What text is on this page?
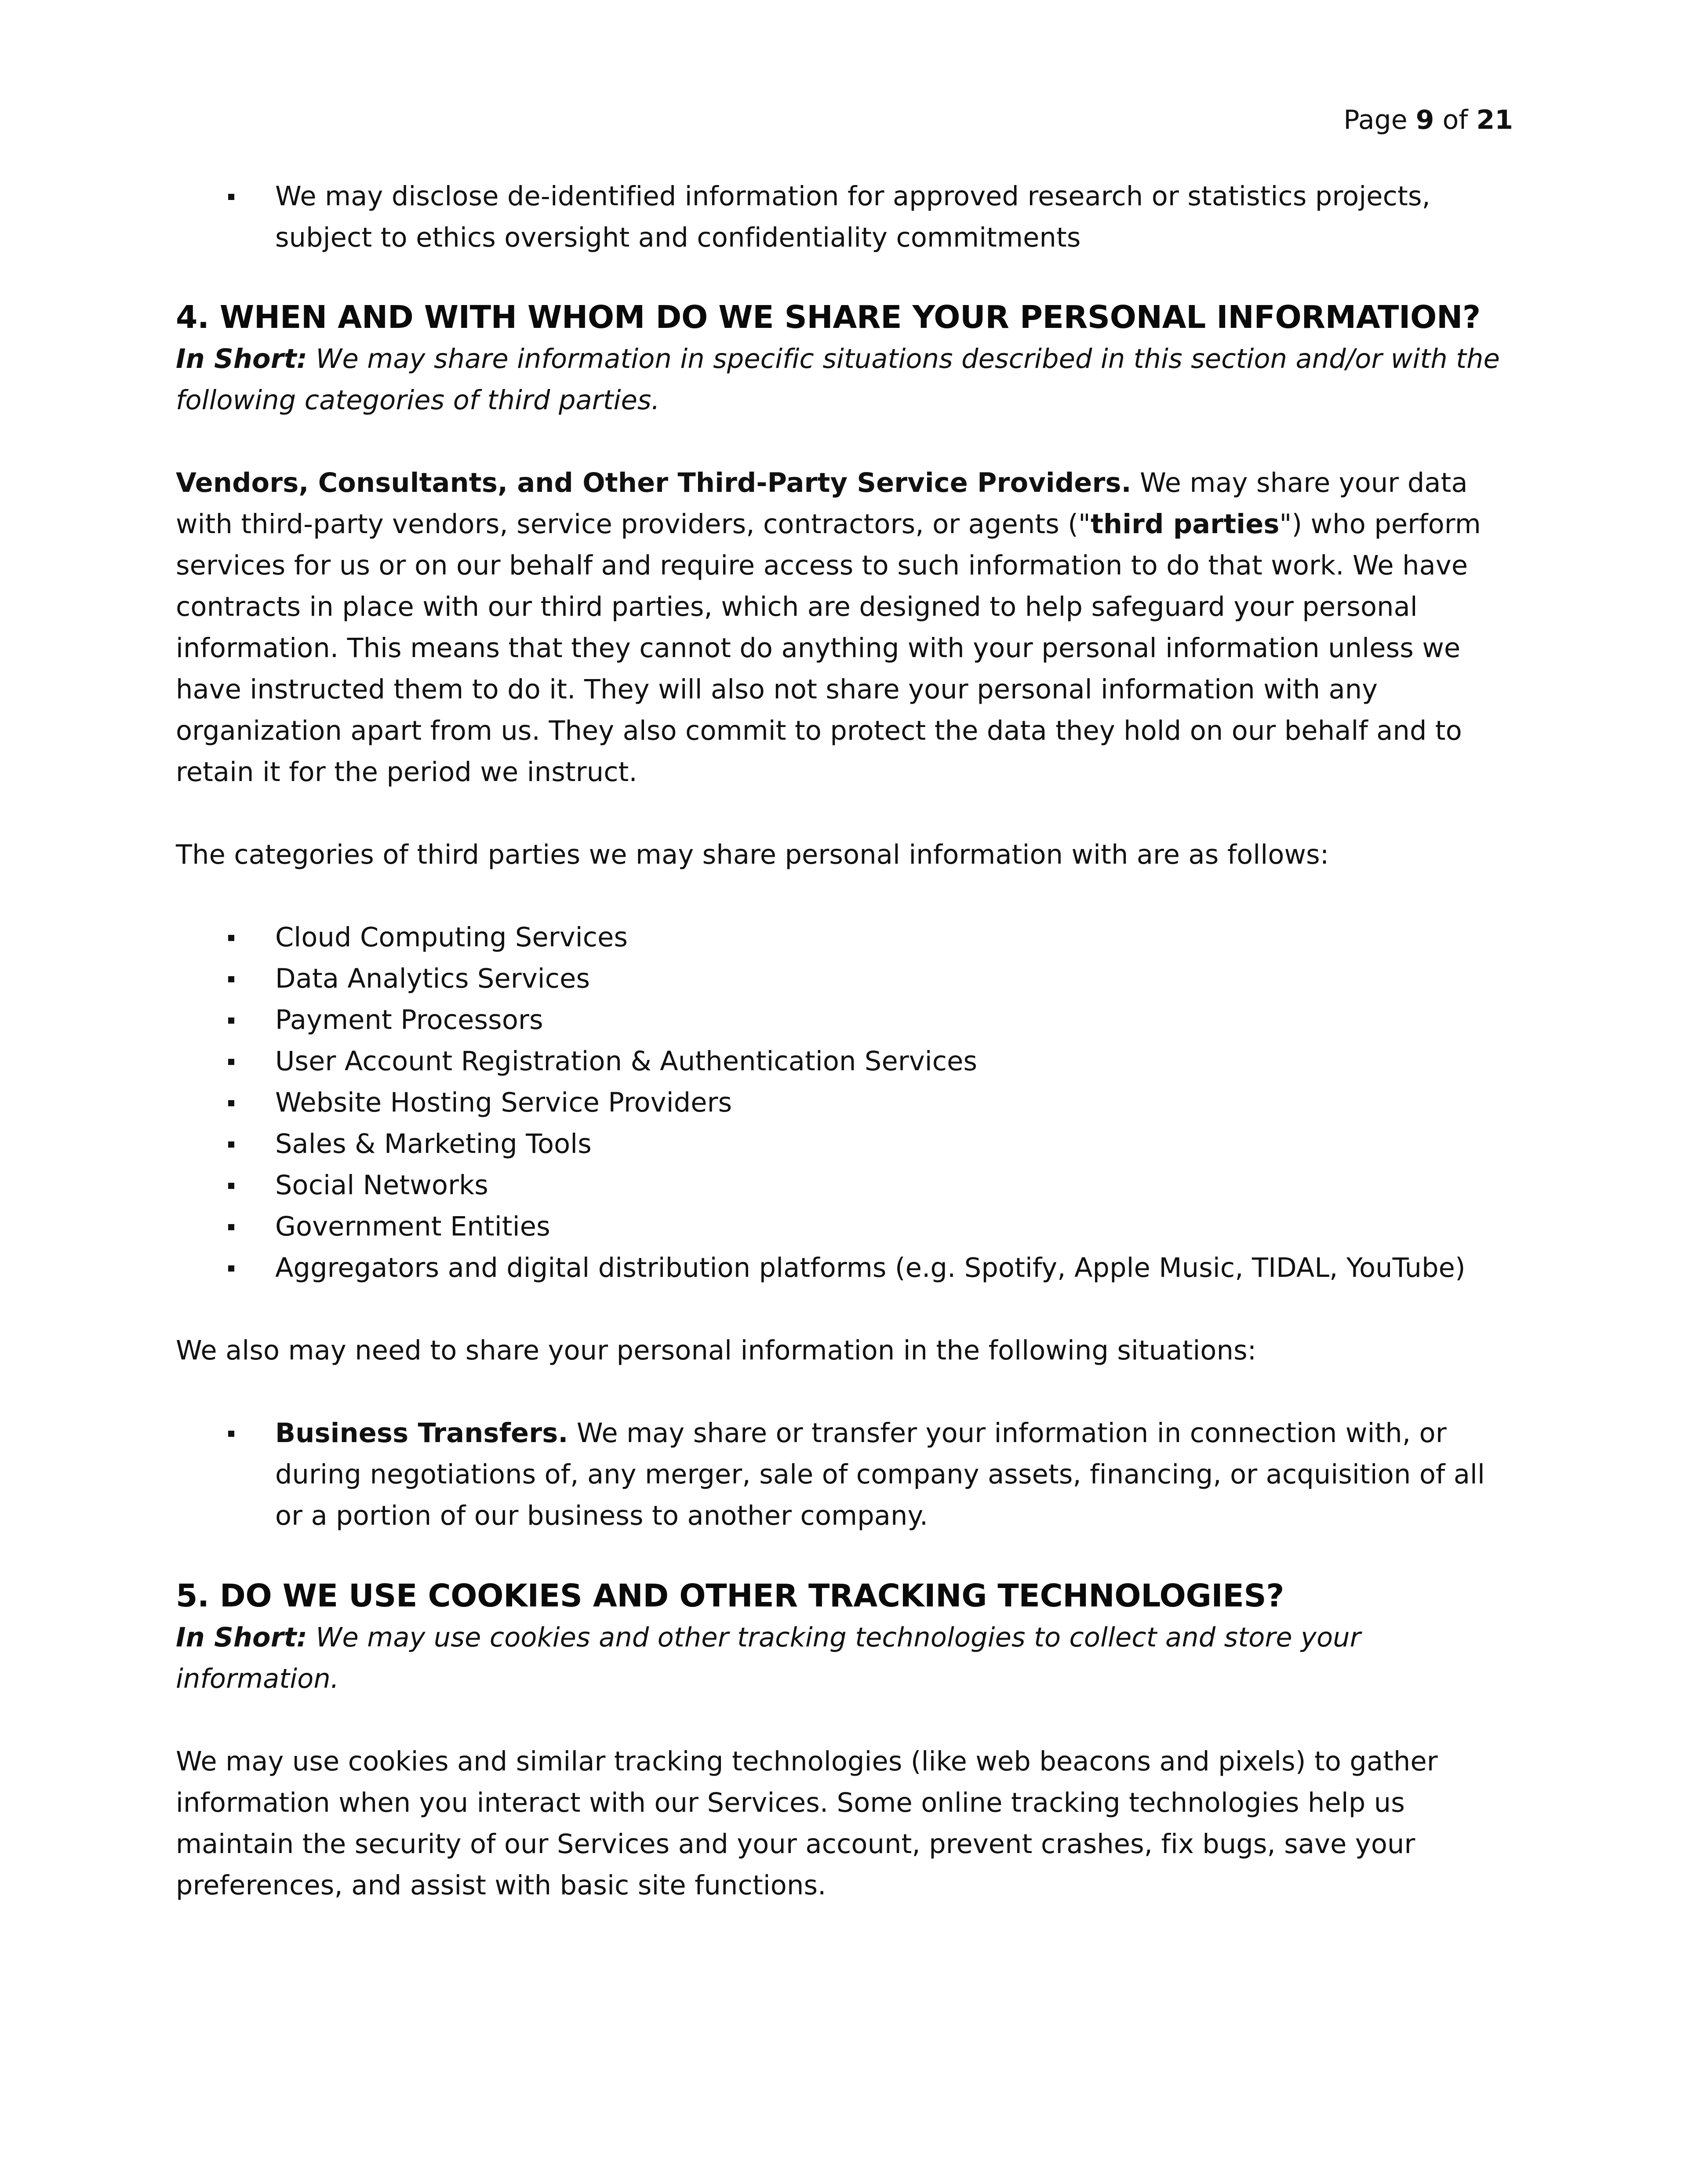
Page 9 of 21
We may disclose de-identified information for approved research or statistics projects, subject to ethics oversight and confidentiality commitments
4. WHEN AND WITH WHOM DO WE SHARE YOUR PERSONAL INFORMATION?

In Short: We may share information in specific situations described in this section and/or with the following categories of third parties.

Vendors, Consultants, and Other Third-Party Service Providers. We may share your data with third-party vendors, service providers, contractors, or agents ("third parties") who perform services for us or on our behalf and require access to such information to do that work. We have contracts in place with our third parties, which are designed to help safeguard your personal information. This means that they cannot do anything with your personal information unless we have instructed them to do it. They will also not share your personal information with any organization apart from us. They also commit to protect the data they hold on our behalf and to retain it for the period we instruct.

The categories of third parties we may share personal information with are as follows:

Cloud Computing Services
Data Analytics Services
Payment Processors
User Account Registration & Authentication Services
Website Hosting Service Providers
Sales & Marketing Tools
Social Networks
Government Entities
Aggregators and digital distribution platforms (e.g. Spotify, Apple Music, TIDAL, YouTube)

We also may need to share your personal information in the following situations:

Business Transfers. We may share or transfer your information in connection with, or during negotiations of, any merger, sale of company assets, financing, or acquisition of all or a portion of our business to another company.
5. DO WE USE COOKIES AND OTHER TRACKING TECHNOLOGIES?

In Short: We may use cookies and other tracking technologies to collect and store your information.

We may use cookies and similar tracking technologies (like web beacons and pixels) to gather information when you interact with our Services. Some online tracking technologies help us maintain the security of our Services and your account, prevent crashes, fix bugs, save your preferences, and assist with basic site functions.
